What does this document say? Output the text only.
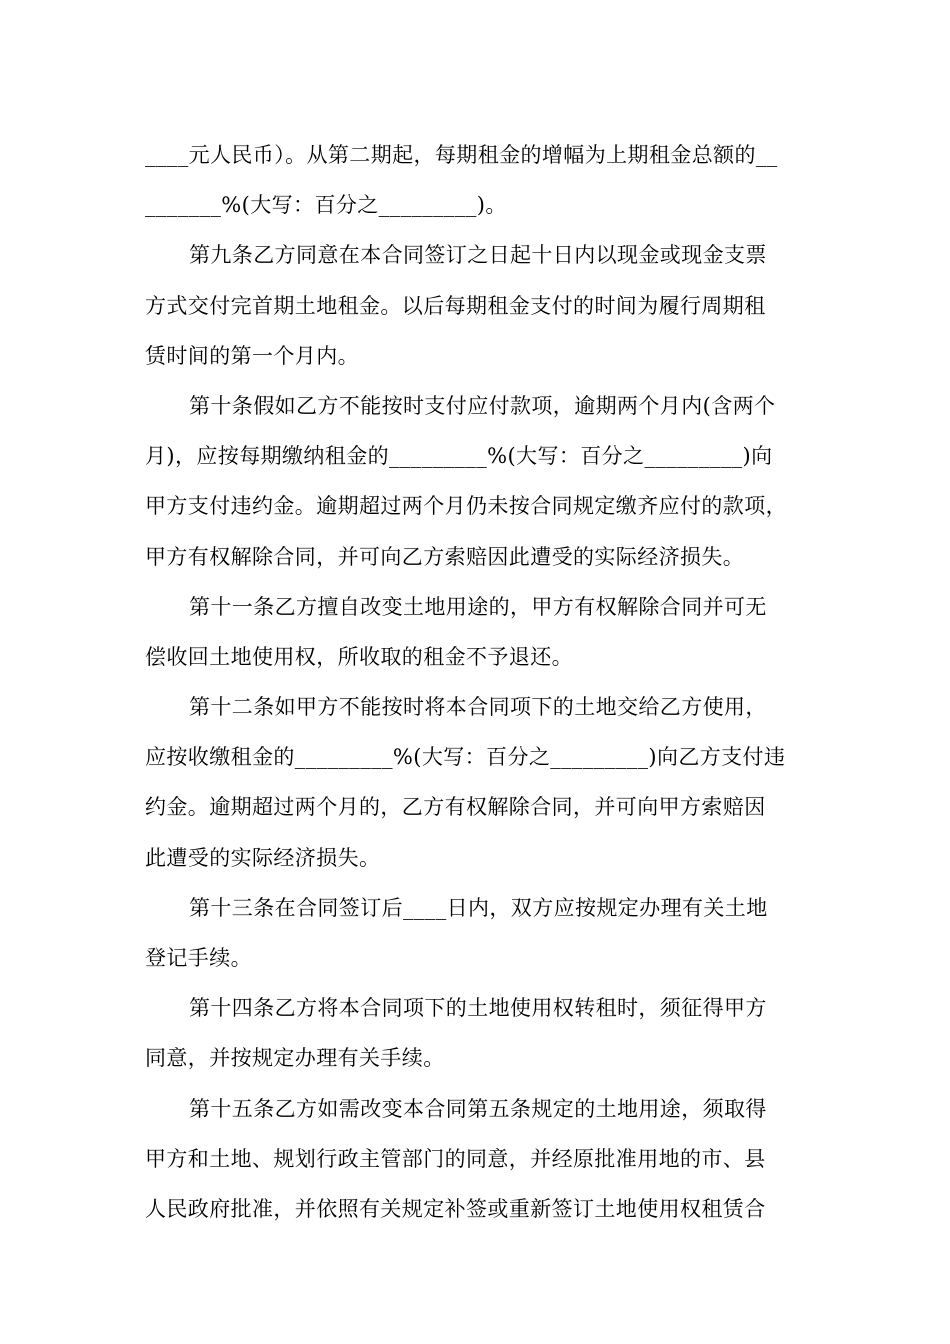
____元人民币）。从第二期起，每期租金的增幅为上期租金总额的__
_______%(大写：百分之_________)。
第九条乙方同意在本合同签订之日起十日内以现金或现金支票
方式交付完首期土地租金。以后每期租金支付的时间为履行周期租
赁时间的第一个月内。
第十条假如乙方不能按时支付应付款项，逾期两个月内(含两个
月)，应按每期缴纳租金的_________%(大写：百分之_________)向
甲方支付违约金。逾期超过两个月仍未按合同规定缴齐应付的款项，
甲方有权解除合同，并可向乙方索赔因此遭受的实际经济损失。
第十一条乙方擅自改变土地用途的，甲方有权解除合同并可无
偿收回土地使用权，所收取的租金不予退还。
第十二条如甲方不能按时将本合同项下的土地交给乙方使用，
应按收缴租金的_________%(大写：百分之_________)向乙方支付违
约金。逾期超过两个月的，乙方有权解除合同，并可向甲方索赔因
此遭受的实际经济损失。
第十三条在合同签订后____日内，双方应按规定办理有关土地
登记手续。
第十四条乙方将本合同项下的土地使用权转租时，须征得甲方
同意，并按规定办理有关手续。
第十五条乙方如需改变本合同第五条规定的土地用途，须取得
甲方和土地、规划行政主管部门的同意，并经原批准用地的市、县
人民政府批准，并依照有关规定补签或重新签订土地使用权租赁合
